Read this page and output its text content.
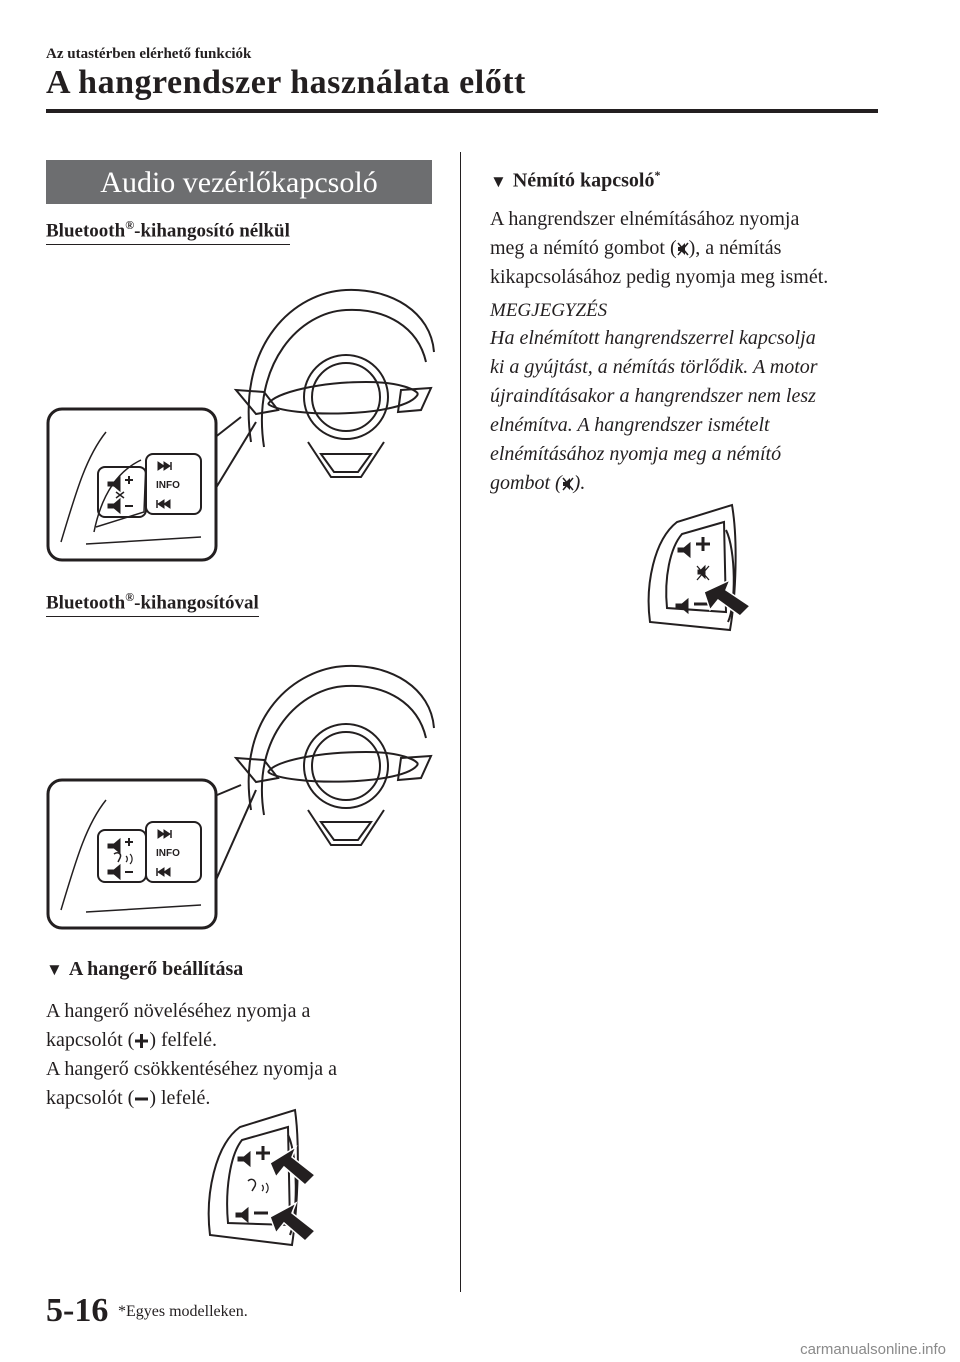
Az utastérben elérhető funkciók
A hangrendszer használata előtt
Audio vezérlőkapcsoló
Bluetooth®-kihangosító nélkül
INFO
Bluetooth®-kihangosítóval
INFO
▼ A hangerő beállítása
A hangerő növeléséhez nyomja a
kapcsolót ( ) felfelé.
A hangerő csökkentéséhez nyomja a
kapcsolót ( ) lefelé.
▼ Némító kapcsoló*
A hangrendszer elnémításához nyomja
meg a némító gombot ( ), a némítás
kikapcsolásához pedig nyomja meg ismét.
MEGJEGYZÉS
Ha elnémított hangrendszerrel kapcsolja
ki a gyújtást, a némítás törlődik. A motor
újraindításakor a hangrendszer nem lesz
elnémítva. A hangrendszer ismételt
elnémításához nyomja meg a némító
gombot ( ).
5-16 *Egyes modelleken.
carmanualsonline.info
